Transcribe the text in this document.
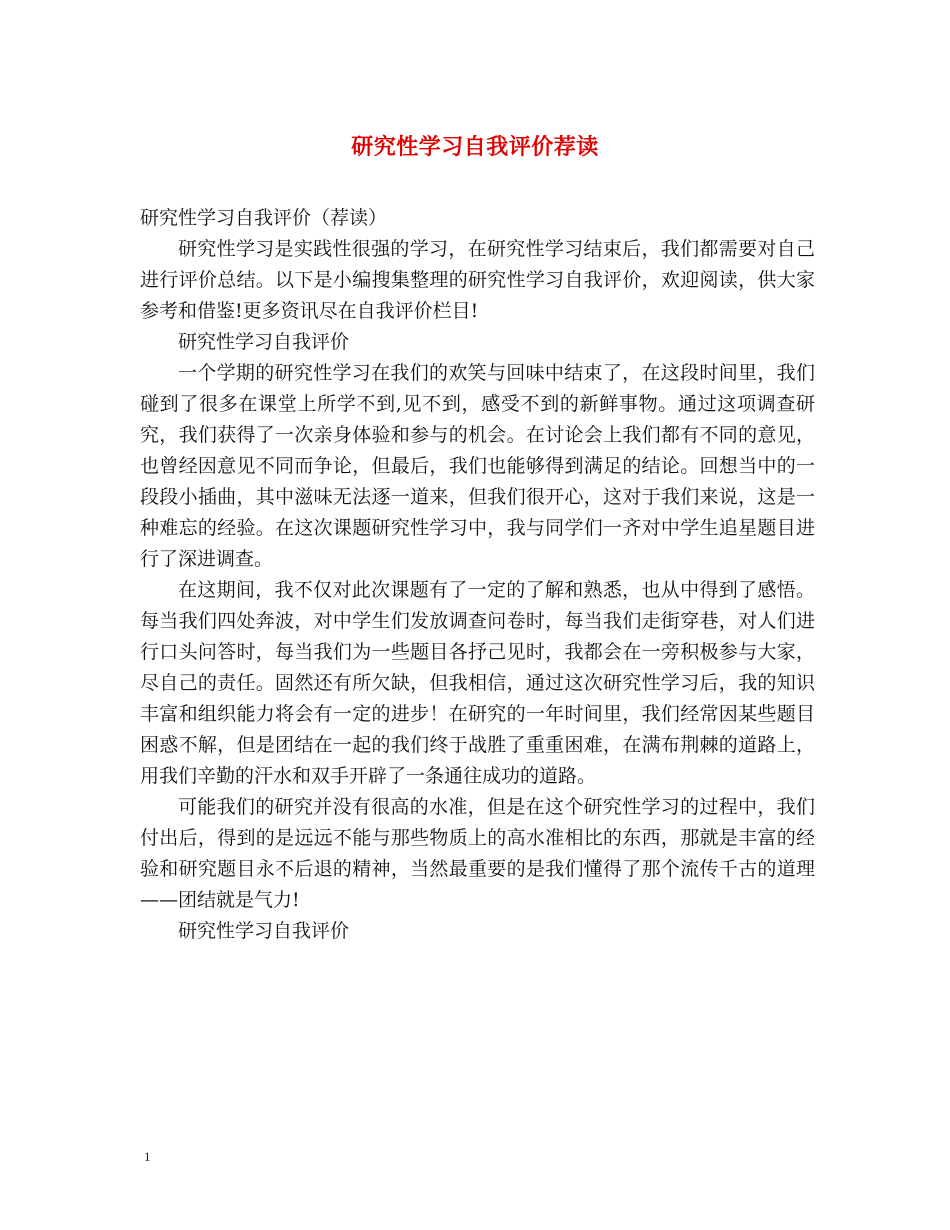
研究性学习自我评价荐读

研究性学习自我评价（荐读）

研究性学习是实践性很强的学习，在研究性学习结束后，我们都需要对自己进行评价总结。以下是小编搜集整理的研究性学习自我评价，欢迎阅读，供大家参考和借鉴!更多资讯尽在自我评价栏目!

研究性学习自我评价

一个学期的研究性学习在我们的欢笑与回味中结束了，在这段时间里，我们碰到了很多在课堂上所学不到,见不到，感受不到的新鲜事物。通过这项调查研究，我们获得了一次亲身体验和参与的机会。在讨论会上我们都有不同的意见，也曾经因意见不同而争论，但最后，我们也能够得到满足的结论。回想当中的一段段小插曲，其中滋味无法逐一道来，但我们很开心，这对于我们来说，这是一种难忘的经验。在这次课题研究性学习中，我与同学们一齐对中学生追星题目进行了深进调查。

在这期间，我不仅对此次课题有了一定的了解和熟悉，也从中得到了感悟。每当我们四处奔波，对中学生们发放调查问卷时，每当我们走街穿巷，对人们进行口头问答时，每当我们为一些题目各抒己见时，我都会在一旁积极参与大家，尽自己的责任。固然还有所欠缺，但我相信，通过这次研究性学习后，我的知识丰富和组织能力将会有一定的进步！在研究的一年时间里，我们经常因某些题目困惑不解，但是团结在一起的我们终于战胜了重重困难，在满布荆棘的道路上，用我们辛勤的汗水和双手开辟了一条通往成功的道路。

可能我们的研究并没有很高的水准，但是在这个研究性学习的过程中，我们付出后，得到的是远远不能与那些物质上的高水准相比的东西，那就是丰富的经验和研究题目永不后退的精神，当然最重要的是我们懂得了那个流传千古的道理——团结就是气力!

研究性学习自我评价

1
